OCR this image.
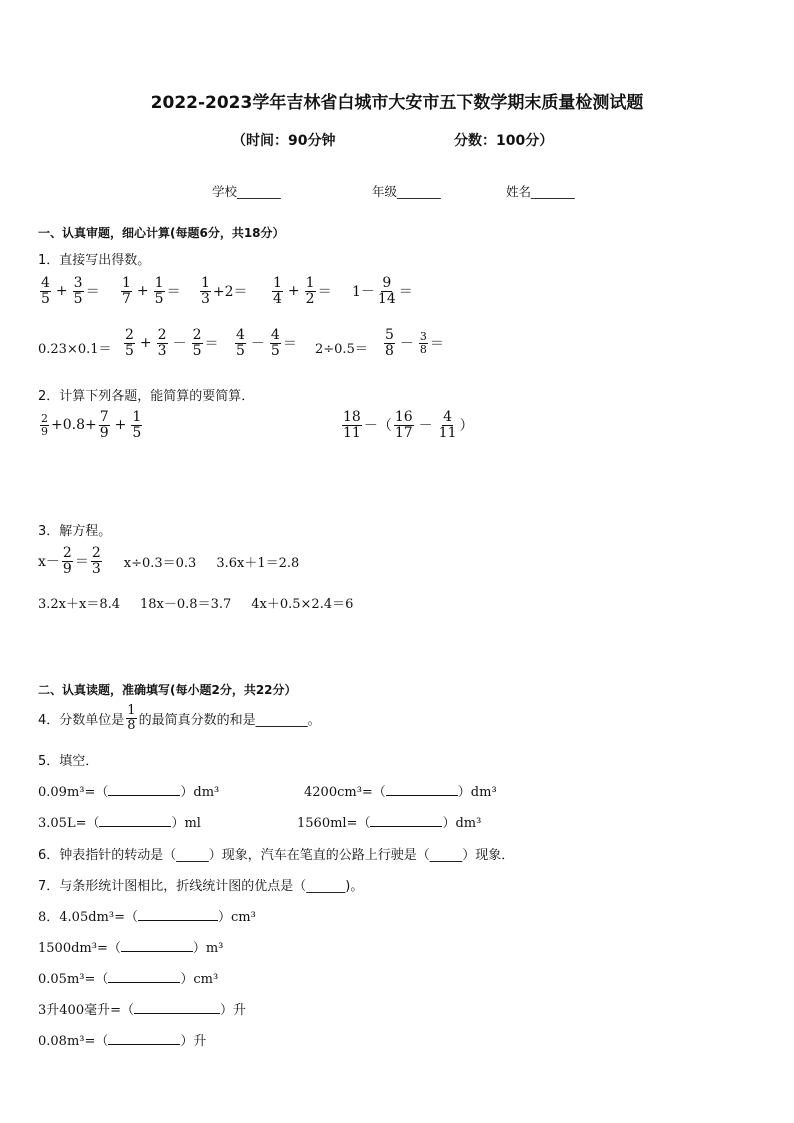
2022-2023学年吉林省白城市大安市五下数学期末质量检测试题
（时间：90分钟	分数：100分）
学校_______	年级_______	姓名_______
一、认真审题，细心计算(每题6分，共18分）
1．直接写出得数。
$\frac{4}{5} + \frac{3}{5} = \frac{1}{7} + \frac{1}{5} = \frac{1}{3} +2= \frac{1}{4} + \frac{1}{2} = 1- \frac{9}{14}$ ＝
$0.23\times 0.1= \frac{2}{5} + \frac{2}{3} - \frac{2}{5} = \frac{4}{5} - \frac{4}{5} = 2\div 0.5= \frac{5}{8} - \frac{3}{8}$ ＝
2．计算下列各题，能简算的要简算．
$\frac{2}{9} +0.8+ \frac{7}{9} + \frac{1}{5}$	$\frac{18}{11}$ －（ $\frac{16}{17} - \frac{4}{11}$ ）
3．解方程。
$x- \frac{2}{9} = \frac{2}{3} x\div 0.3=0.3$ 3.6x＋1＝2.8
3.2x＋x＝8.4 18x－0.8＝3.7 4x＋0.5×2.4＝6
二、认真读题，准确填写(每小题2分，共22分）
4．分数单位是 $\frac{1}{8}$ 的最简真分数的和是________。
5．填空．
0.09m³=（	）dm³	4200cm³=（	）dm³
3.05L=（	）ml	1560ml=（	）dm³
6．钟表指针的转动是（_____）现象，汽车在笔直的公路上行驶是（_____）现象．
7．与条形统计图相比，折线统计图的优点是（______)。
8．4.05dm³=（	）cm³
1500dm³=（	）m³
0.05m³=（	）cm³
3升400毫升=（	）升
0.08m³=（	）升
